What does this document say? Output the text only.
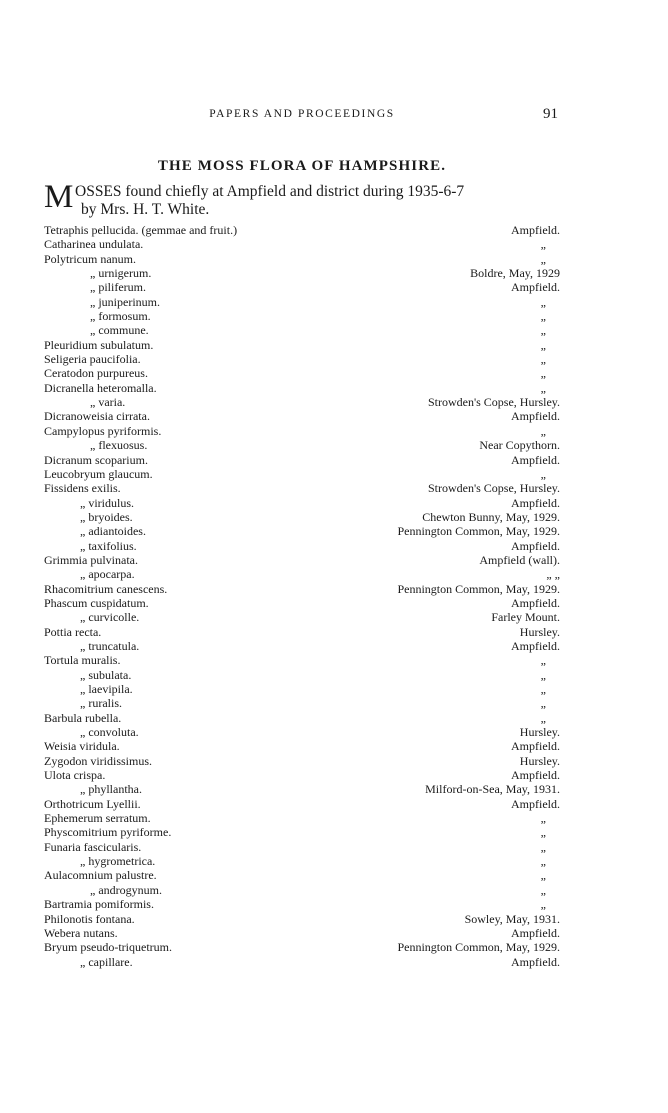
PAPERS AND PROCEEDINGS	91
THE MOSS FLORA OF HAMPSHIRE.
M OSSES found chiefly at Ampfield and district during 1935-6-7
by Mrs. H. T. White.
Tetraphis pellucida. (gemmae and fruit.)	Ampfield.
Catharinea undulata.	„
Polytricum nanum.	„
„ urnigerum.	Boldre, May, 1929
„ piliferum.	Ampfield.
„ juniperinum.	„
„ formosum.	„
„ commune.	„
Pleuridium subulatum.	„
Seligeria paucifolia.	„
Ceratodon purpureus.	„
Dicranella heteromalla.	„
„ varia.	Strowden's Copse, Hursley.
Dicranoweisia cirrata.	Ampfield.
Campylopus pyriformis.	„
„ flexuosus.	Near Copythorn.
Dicranum scoparium.	Ampfield.
Leucobryum glaucum.	„
Fissidens exilis.	Strowden's Copse, Hursley.
„ viridulus.	Ampfield.
„ bryoides.	Chewton Bunny, May, 1929.
„ adiantoides.	Pennington Common, May, 1929.
„ taxifolius.	Ampfield.
Grimmia pulvinata.	Ampfield (wall).
„ apocarpa.	„ „
Rhacomitrium canescens.	Pennington Common, May, 1929.
Phascum cuspidatum.	Ampfield.
„ curvicolle.	Farley Mount.
Pottia recta.	Hursley.
„ truncatula.	Ampfield.
Tortula muralis.	„
„ subulata.	„
„ laevipila.	„
„ ruralis.	„
Barbula rubella.	„
„ convoluta.	Hursley.
Weisia viridula.	Ampfield.
Zygodon viridissimus.	Hursley.
Ulota crispa.	Ampfield.
„ phyllantha.	Milford-on-Sea, May, 1931.
Orthotricum Lyellii.	Ampfield.
Ephemerum serratum.	„
Physcomitrium pyriforme.	„
Funaria fascicularis.	„
„ hygrometrica.	„
Aulacomnium palustre.	„
„ androgynum.	„
Bartramia pomiformis.	„
Philonotis fontana.	Sowley, May, 1931.
Webera nutans.	Ampfield.
Bryum pseudo-triquetrum.	Pennington Common, May, 1929.
„ capillare.	Ampfield.
